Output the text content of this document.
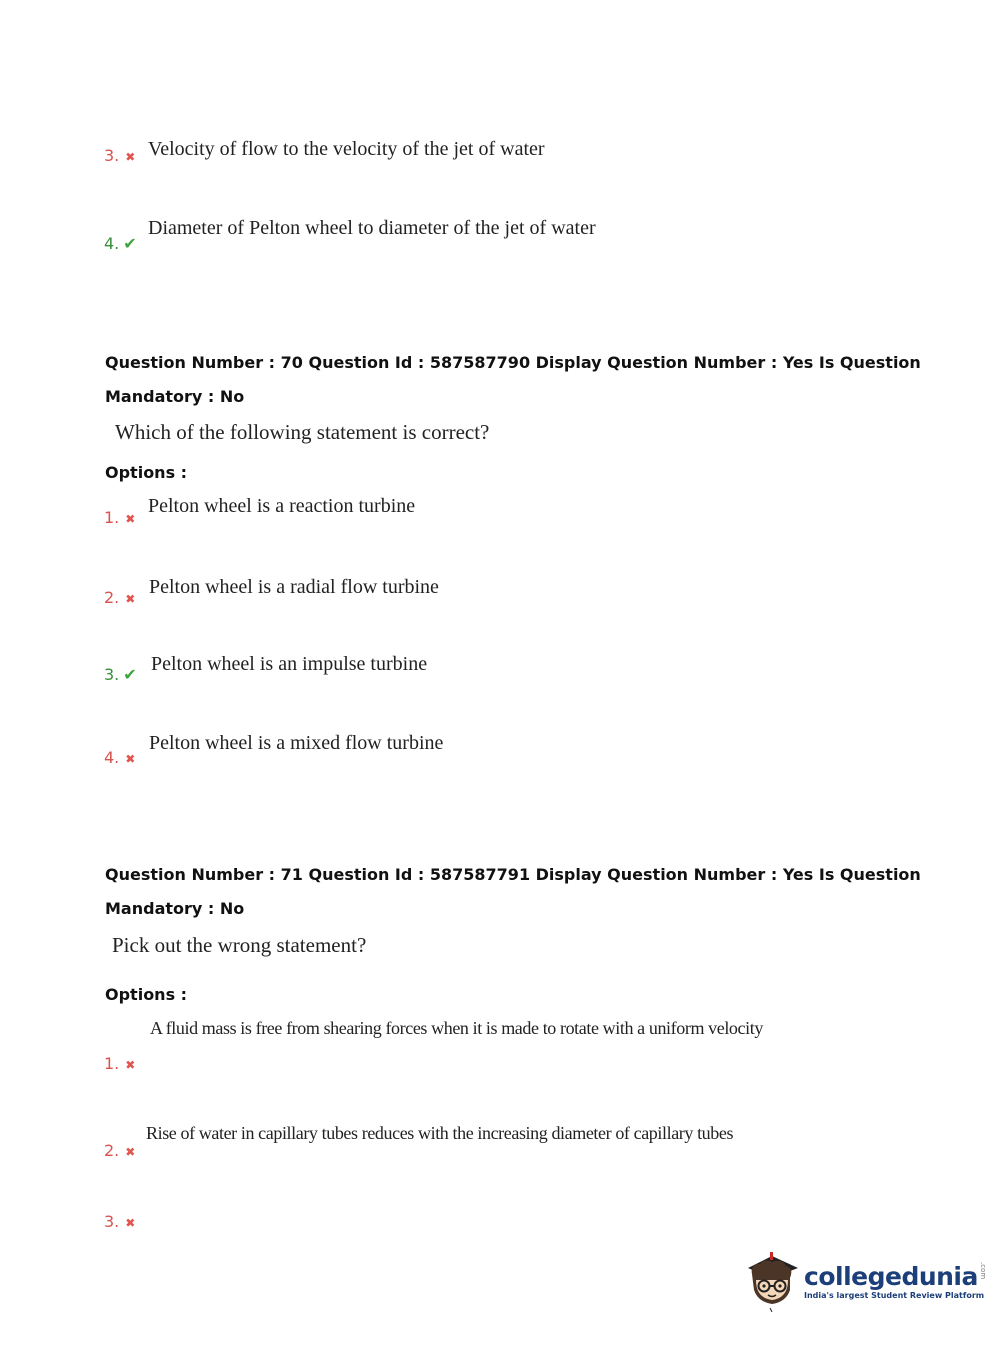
3. ✖ Velocity of flow to the velocity of the jet of water
4. ✔
Diameter of Pelton wheel to diameter of the jet of water
Question Number : 70 Question Id : 587587790 Display Question Number : Yes Is Question
Mandatory : No
Which of the following statement is correct?
Options :
1. ✖
Pelton wheel is a reaction turbine
2. ✖
Pelton wheel is a radial flow turbine
3. ✔ Pelton wheel is an impulse turbine
4. ✖
Pelton wheel is a mixed flow turbine
Question Number : 71 Question Id : 587587791 Display Question Number : Yes Is Question
Mandatory : No
Pick out the wrong statement?
Options :
A fluid mass is free from shearing forces when it is made to rotate with a uniform velocity
1. ✖
Rise of water in capillary tubes reduces with the increasing diameter of capillary tubes
2. ✖
3. ✖
collegedunia .com
India's largest Student Review Platform
